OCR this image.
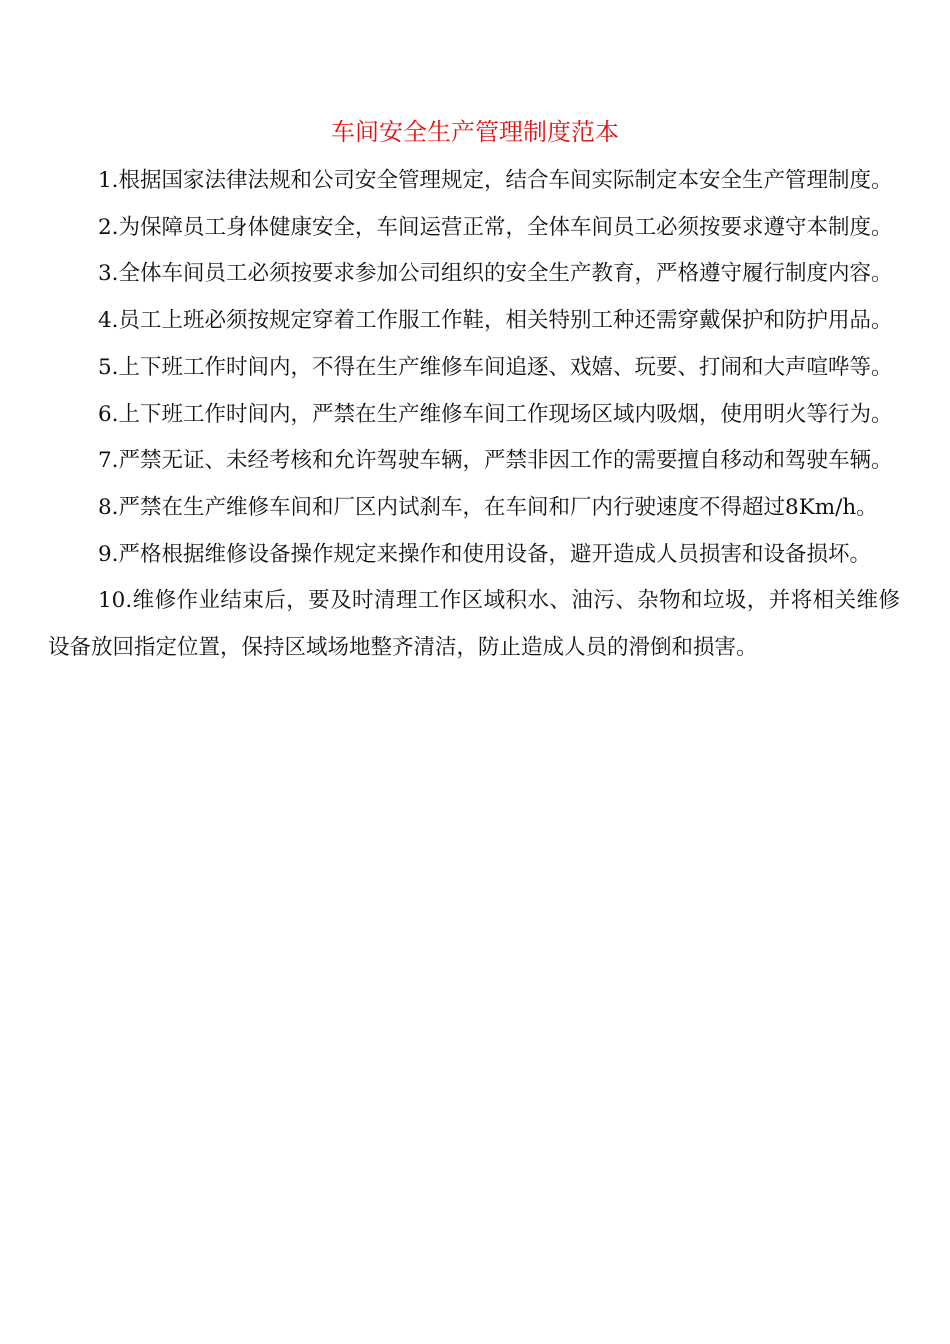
车间安全生产管理制度范本

1.根据国家法律法规和公司安全管理规定，结合车间实际制定本安全生产管理制度。

2.为保障员工身体健康安全，车间运营正常，全体车间员工必须按要求遵守本制度。

3.全体车间员工必须按要求参加公司组织的安全生产教育，严格遵守履行制度内容。

4.员工上班必须按规定穿着工作服工作鞋，相关特别工种还需穿戴保护和防护用品。

5.上下班工作时间内，不得在生产维修车间追逐、戏嬉、玩要、打闹和大声喧哗等。

6.上下班工作时间内，严禁在生产维修车间工作现场区域内吸烟，使用明火等行为。

7.严禁无证、未经考核和允许驾驶车辆，严禁非因工作的需要擅自移动和驾驶车辆。

8.严禁在生产维修车间和厂区内试刹车，在车间和厂内行驶速度不得超过8Km/h。

9.严格根据维修设备操作规定来操作和使用设备，避开造成人员损害和设备损坏。

10.维修作业结束后，要及时清理工作区域积水、油污、杂物和垃圾，并将相关维修设备放回指定位置，保持区域场地整齐清洁，防止造成人员的滑倒和损害。
